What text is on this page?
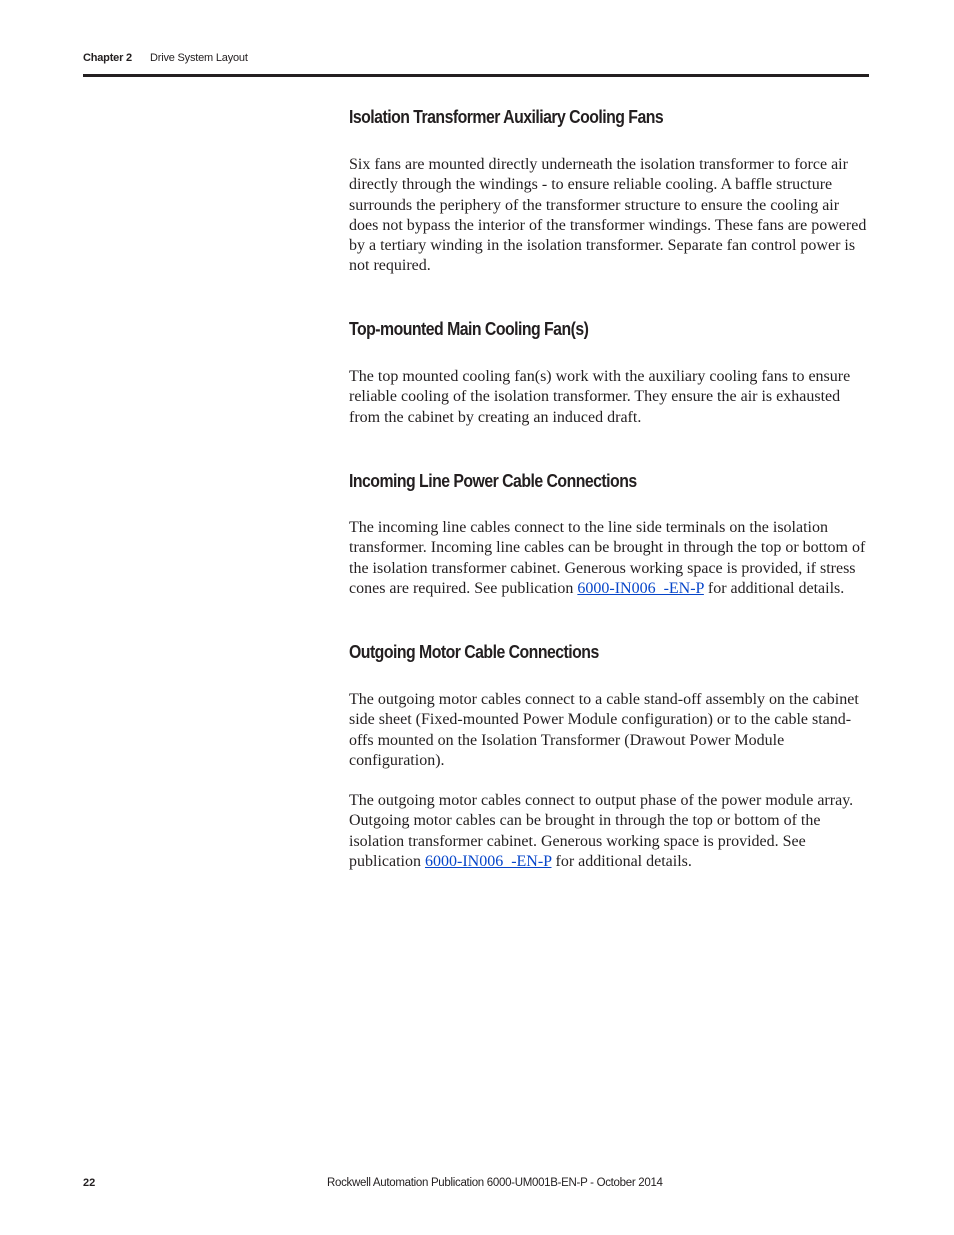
Chapter 2 Drive System Layout
Isolation Transformer Auxiliary Cooling Fans

Six fans are mounted directly underneath the isolation transformer to force air directly through the windings - to ensure reliable cooling. A baffle structure surrounds the periphery of the transformer structure to ensure the cooling air does not bypass the interior of the transformer windings. These fans are powered by a tertiary winding in the isolation transformer. Separate fan control power is not required.

Top-mounted Main Cooling Fan(s)

The top mounted cooling fan(s) work with the auxiliary cooling fans to ensure reliable cooling of the isolation transformer. They ensure the air is exhausted from the cabinet by creating an induced draft.

Incoming Line Power Cable Connections

The incoming line cables connect to the line side terminals on the isolation transformer. Incoming line cables can be brought in through the top or bottom of the isolation transformer cabinet. Generous working space is provided, if stress cones are required. See publication 6000-IN006_-EN-P for additional details.

Outgoing Motor Cable Connections

The outgoing motor cables connect to a cable stand-off assembly on the cabinet side sheet (Fixed-mounted Power Module configuration) or to the cable stand-offs mounted on the Isolation Transformer (Drawout Power Module configuration).

The outgoing motor cables connect to output phase of the power module array. Outgoing motor cables can be brought in through the top or bottom of the isolation transformer cabinet. Generous working space is provided. See publication 6000-IN006_-EN-P for additional details.

22	Rockwell Automation Publication 6000-UM001B-EN-P - October 2014
